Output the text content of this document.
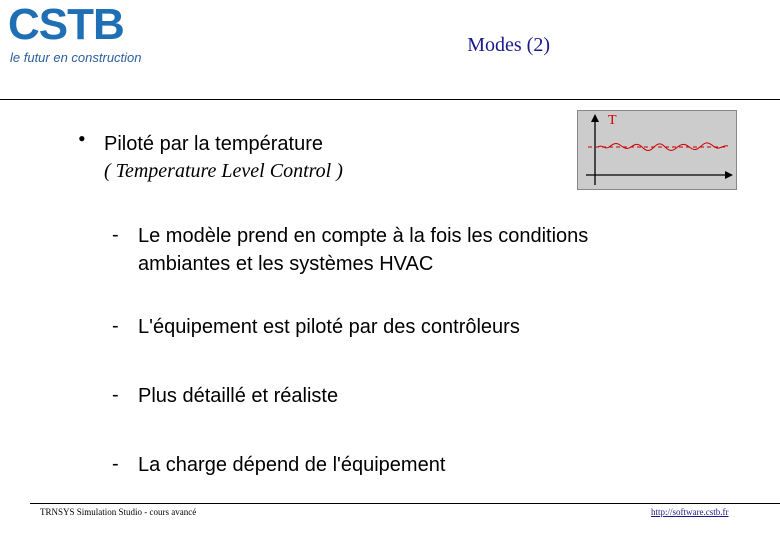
CSTB
le futur en construction
Modes (2)
• Piloté par la température
( Temperature Level Control )
T
- Le modèle prend en compte à la fois les conditions
ambiantes et les systèmes HVAC
- L'équipement est piloté par des contrôleurs
- Plus détaillé et réaliste
- La charge dépend de l'équipement
TRNSYS Simulation Studio - cours avancé	http://software.cstb.fr
